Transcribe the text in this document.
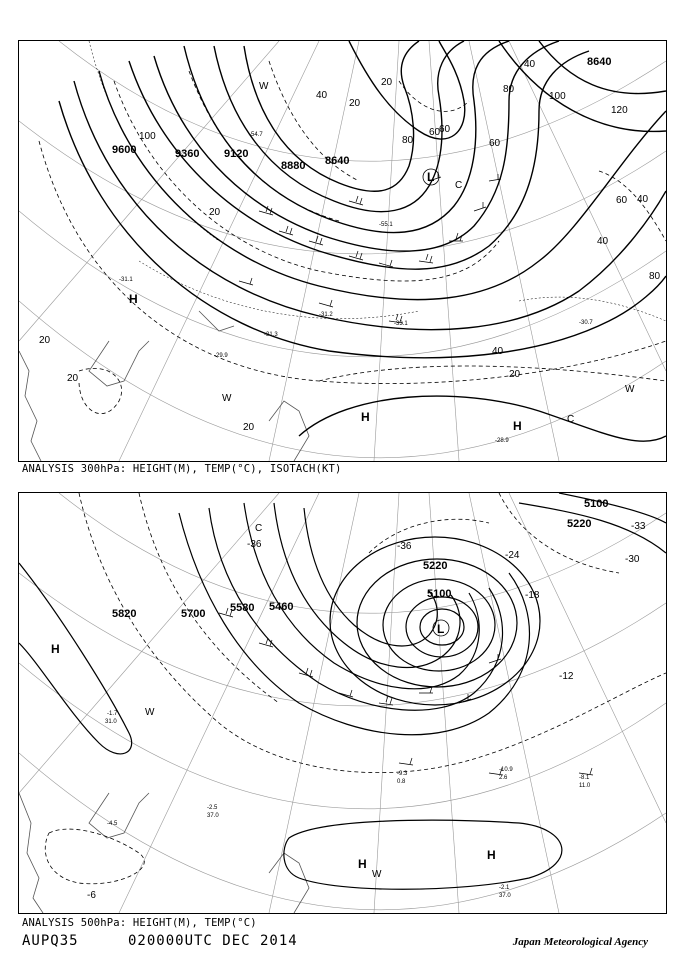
-54.7
-55.1
-31.1
-31.3
-31.2
-33.1
-29.9
-28.9
-30.7
9600	9360 9120
8880 8640
8640
100
120
80
60
40
20
100
80
60
40
40
60
20
20
20
20
40
20
40
20
60
80
H
H
H
L
W
W
W
C
C
ANALYSIS 300hPa: HEIGHT(M), TEMP(°C), ISOTACH(KT)
-1.7
31.0
-10.9
2.6	-8.1
11.0
-9.3
0.8
-2.5
37.0
-4.5
-2.1
37.0
5100
5220
5100
5220
5580 5460
5700
5820
-36	-36
-33
-30
-24
-18
-12
-6
H
H
H
L
W
W
C
ANALYSIS 500hPa: HEIGHT(M), TEMP(°C)
AUPQ35	020000UTC DEC 2014	Japan Meteorological Agency
